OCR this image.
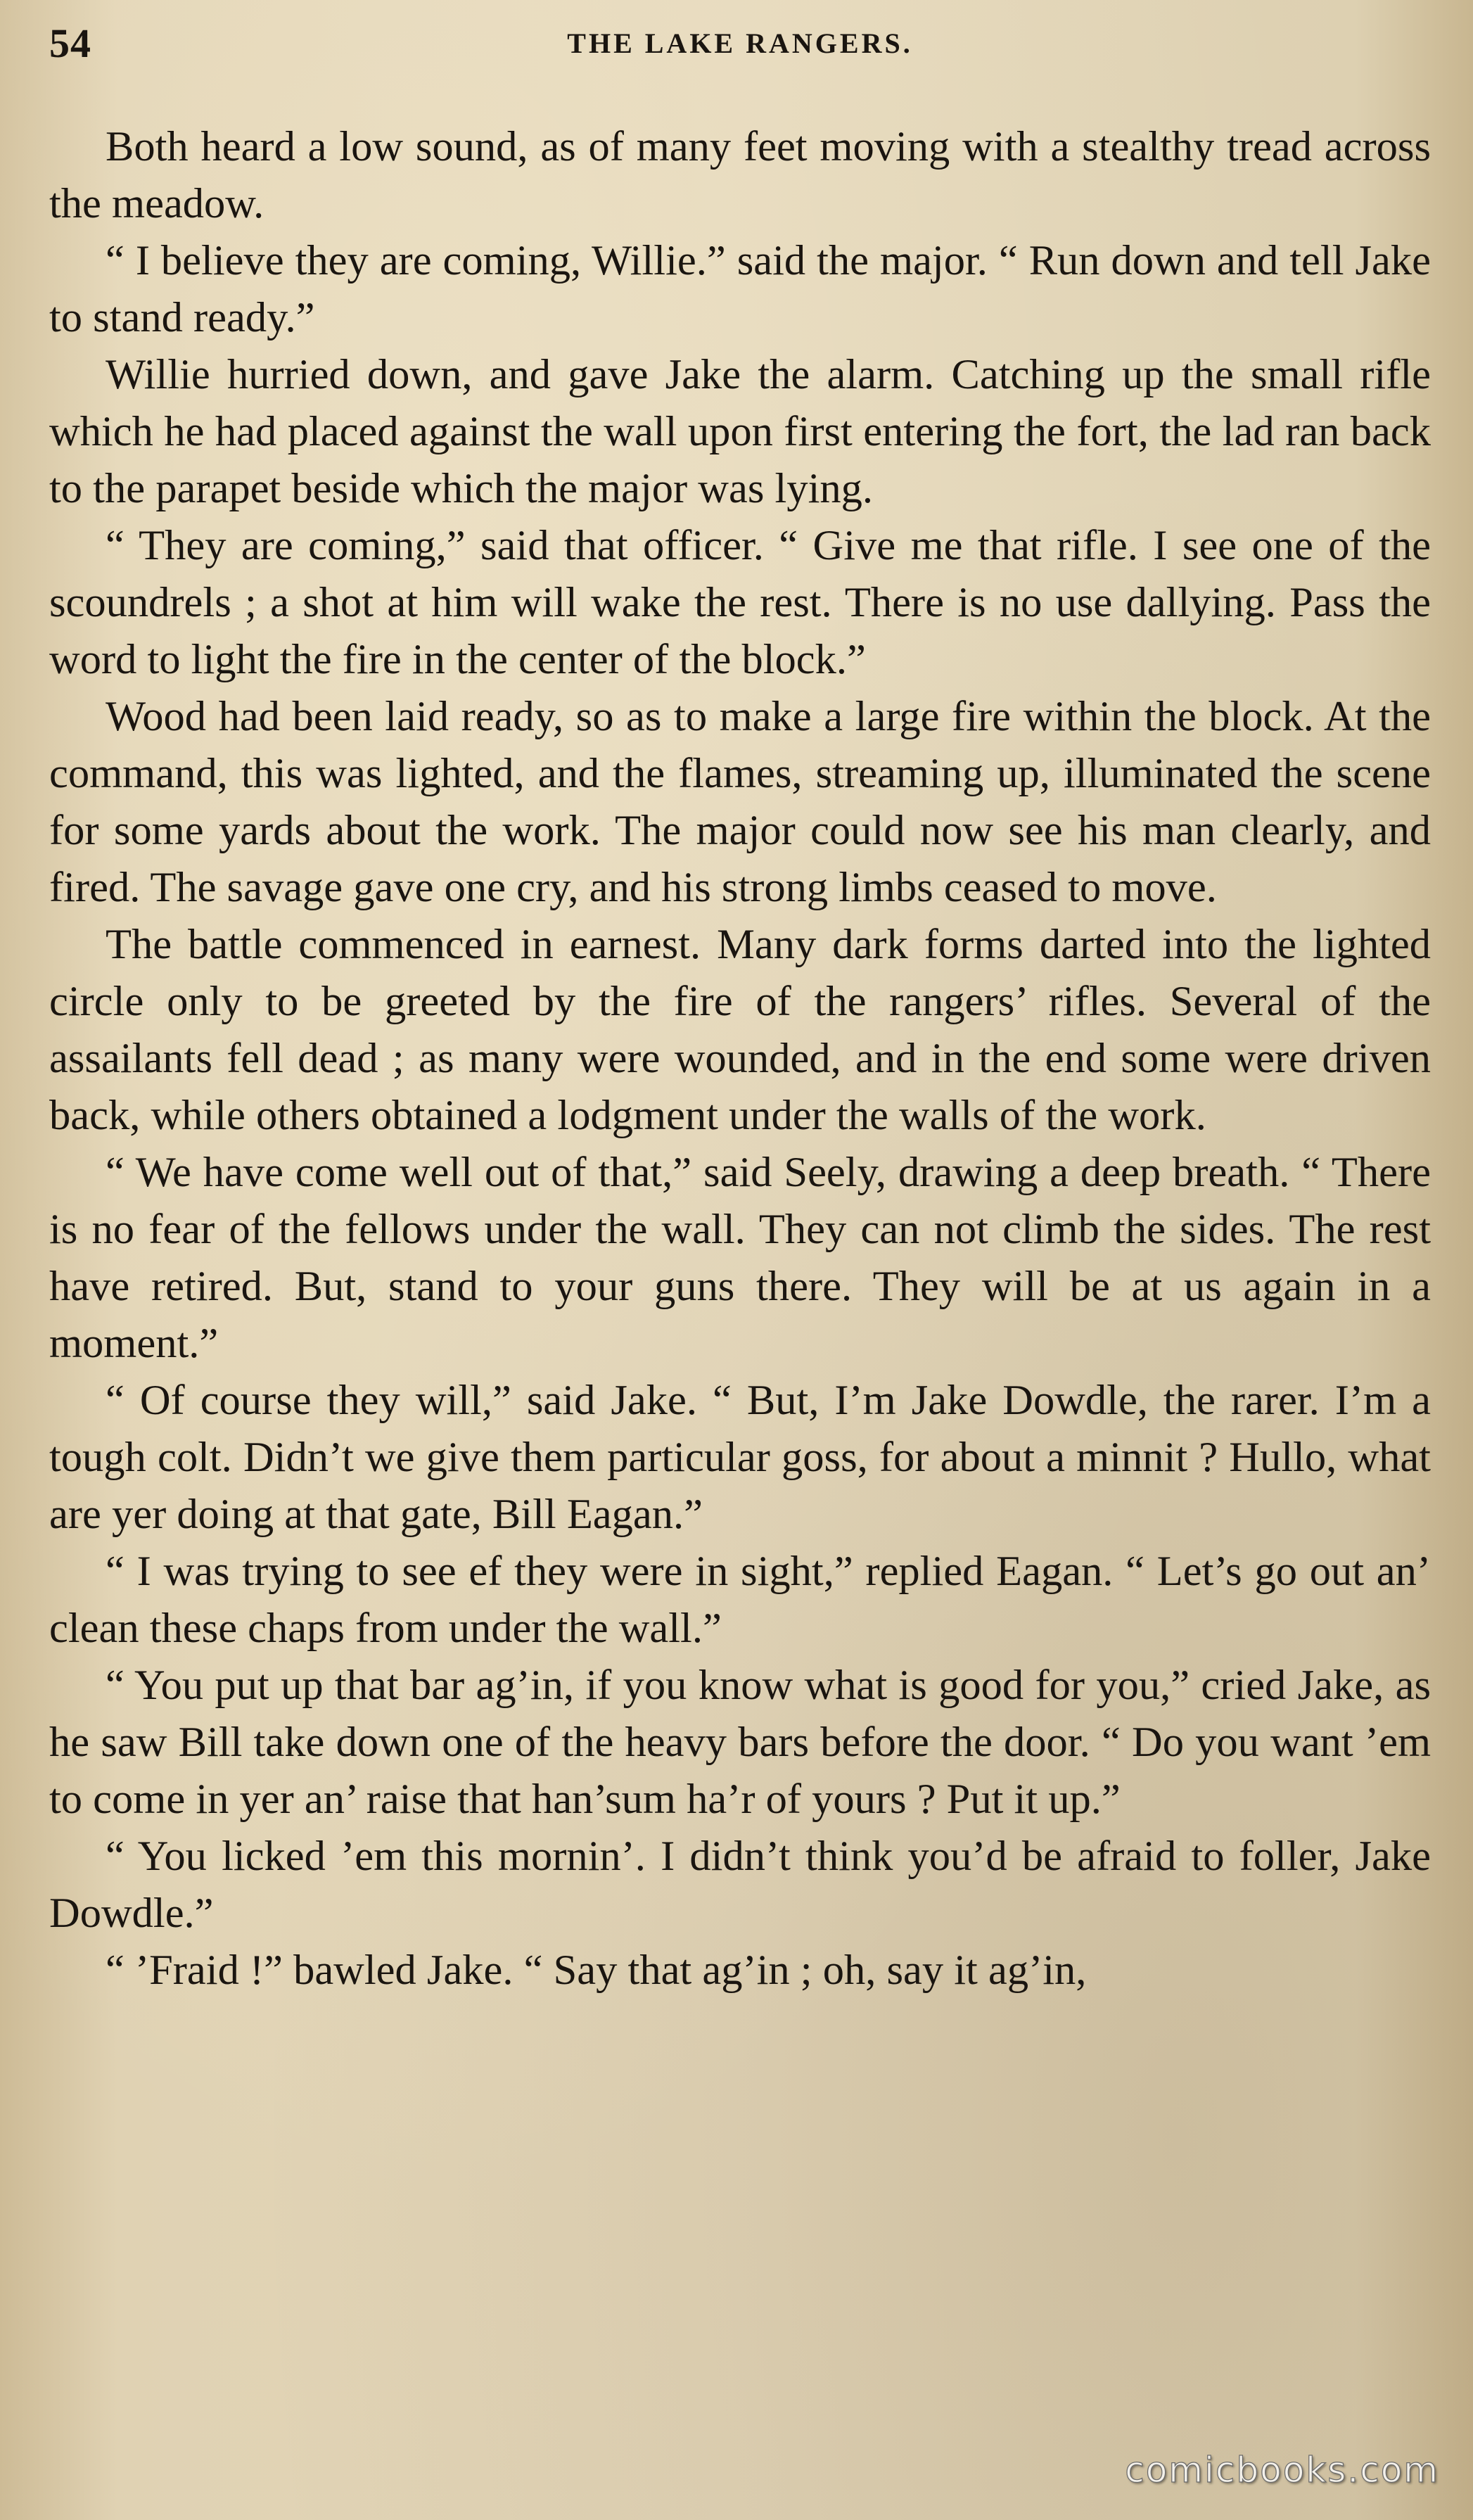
54	THE LAKE RANGERS.

Both heard a low sound, as of many feet moving with a stealthy tread across the meadow.

“ I believe they are coming, Willie.” said the major. “ Run down and tell Jake to stand ready.”

Willie hurried down, and gave Jake the alarm. Catching up the small rifle which he had placed against the wall upon first entering the fort, the lad ran back to the parapet beside which the major was lying.

“ They are coming,” said that officer. “ Give me that rifle. I see one of the scoundrels ; a shot at him will wake the rest. There is no use dallying. Pass the word to light the fire in the center of the block.”

Wood had been laid ready, so as to make a large fire within the block. At the command, this was lighted, and the flames, streaming up, illuminated the scene for some yards about the work. The major could now see his man clearly, and fired. The savage gave one cry, and his strong limbs ceased to move.

The battle commenced in earnest. Many dark forms darted into the lighted circle only to be greeted by the fire of the rangers’ rifles. Several of the assailants fell dead ; as many were wounded, and in the end some were driven back, while others obtained a lodgment under the walls of the work.

“ We have come well out of that,” said Seely, drawing a deep breath. “ There is no fear of the fellows under the wall. They can not climb the sides. The rest have retired. But, stand to your guns there. They will be at us again in a moment.”

“ Of course they will,” said Jake. “ But, I’m Jake Dowdle, the rarer. I’m a tough colt. Didn’t we give them particular goss, for about a minnit ? Hullo, what are yer doing at that gate, Bill Eagan.”

“ I was trying to see ef they were in sight,” replied Eagan. “ Let’s go out an’ clean these chaps from under the wall.”

“ You put up that bar ag’in, if you know what is good for you,” cried Jake, as he saw Bill take down one of the heavy bars before the door. “ Do you want ’em to come in yer an’ raise that han’sum ha’r of yours ? Put it up.”

“ You licked ’em this mornin’. I didn’t think you’d be afraid to foller, Jake Dowdle.”

“ ’Fraid !” bawled Jake. “ Say that ag’in ; oh, say it ag’in,

comicbooks.com
